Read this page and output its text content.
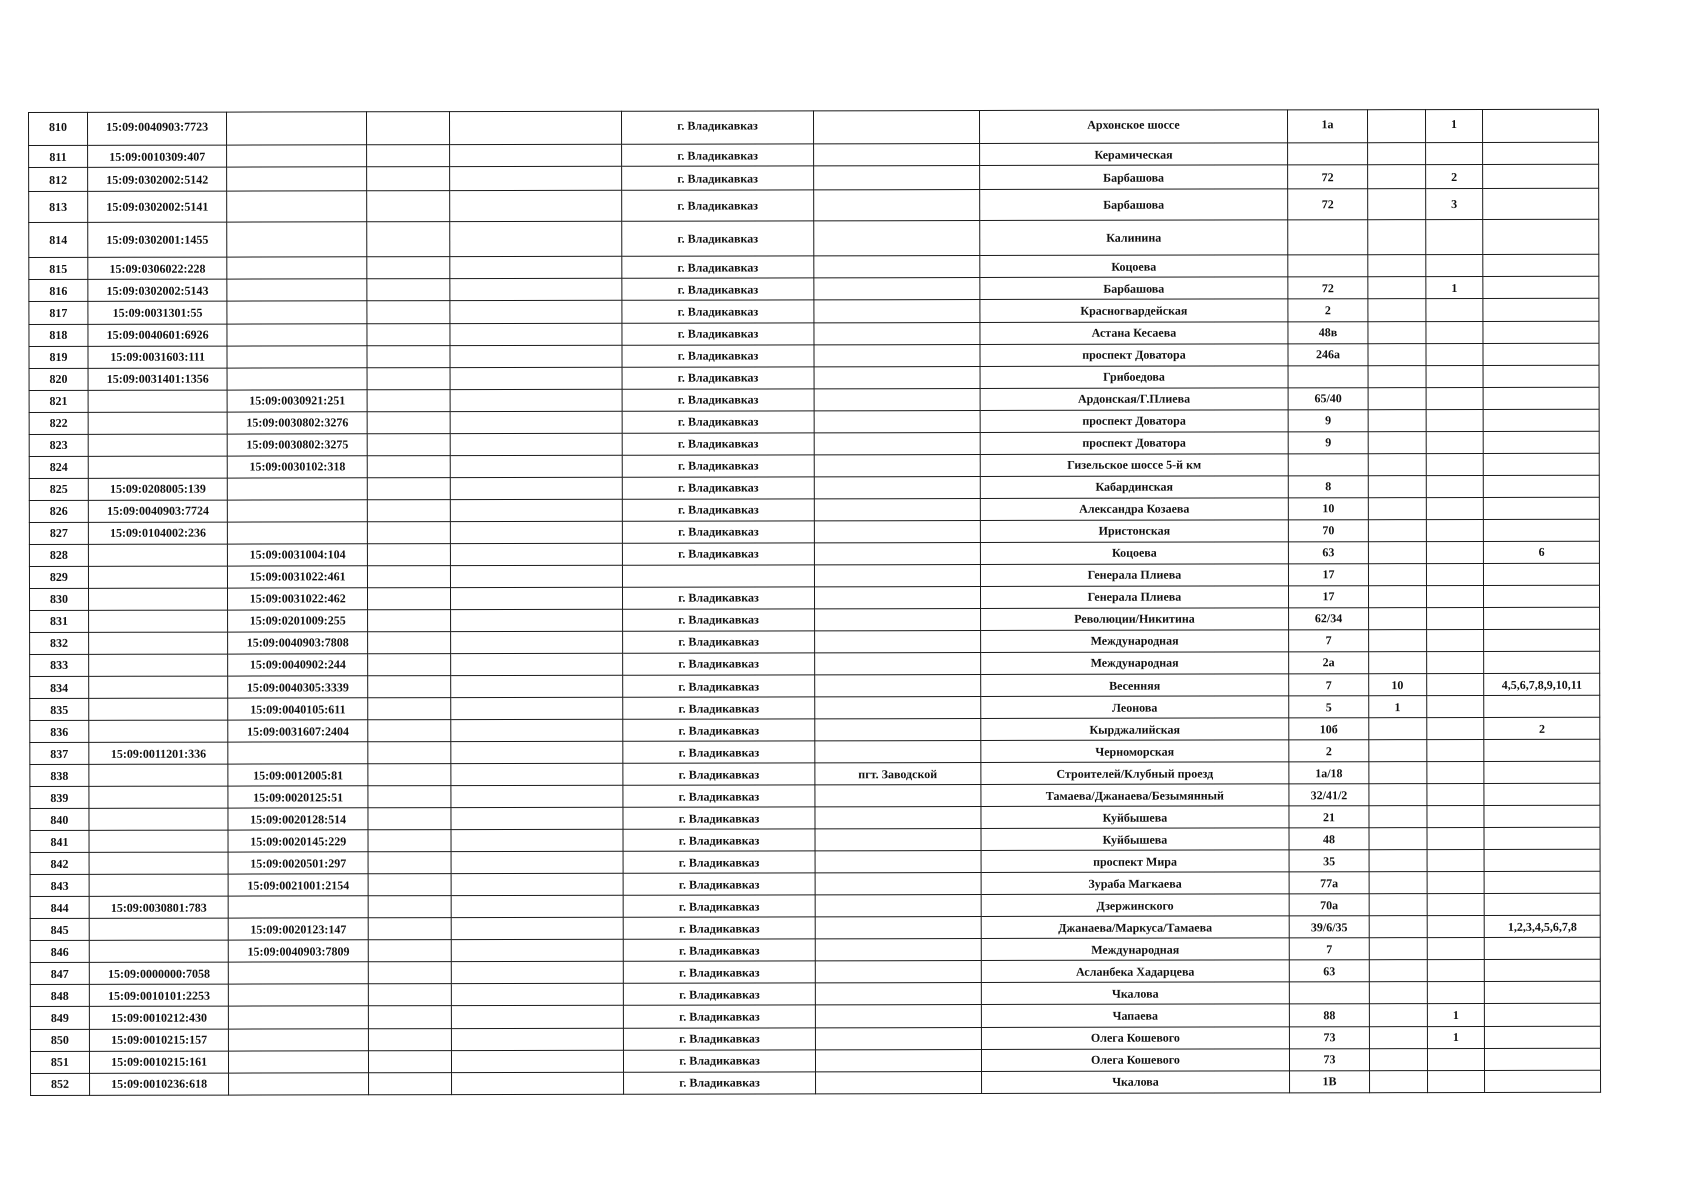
810	15:09:0040903:7723				г. Владикавказ		Архонское шоссе	1а		1	
811	15:09:0010309:407				г. Владикавказ		Керамическая				
812	15:09:0302002:5142				г. Владикавказ		Барбашова	72		2	
813	15:09:0302002:5141				г. Владикавказ		Барбашова	72		3	
814	15:09:0302001:1455				г. Владикавказ		Калинина				
815	15:09:0306022:228				г. Владикавказ		Коцоева				
816	15:09:0302002:5143				г. Владикавказ		Барбашова	72		1	
817	15:09:0031301:55				г. Владикавказ		Красногвардейская	2			
818	15:09:0040601:6926				г. Владикавказ		Астана Кесаева	48в			
819	15:09:0031603:111				г. Владикавказ		проспект Доватора	246а			
820	15:09:0031401:1356				г. Владикавказ		Грибоедова				
821		15:09:0030921:251			г. Владикавказ		Ардонская/Г.Плиева	65/40			
822		15:09:0030802:3276			г. Владикавказ		проспект Доватора	9			
823		15:09:0030802:3275			г. Владикавказ		проспект Доватора	9			
824		15:09:0030102:318			г. Владикавказ		Гизельское шоссе 5-й км				
825	15:09:0208005:139				г. Владикавказ		Кабардинская	8			
826	15:09:0040903:7724				г. Владикавказ		Александра Козаева	10			
827	15:09:0104002:236				г. Владикавказ		Иристонская	70			
828		15:09:0031004:104			г. Владикавказ		Коцоева	63			6
829		15:09:0031022:461					Генерала Плиева	17			
830		15:09:0031022:462			г. Владикавказ		Генерала Плиева	17			
831		15:09:0201009:255			г. Владикавказ		Революции/Никитина	62/34			
832		15:09:0040903:7808			г. Владикавказ		Международная	7			
833		15:09:0040902:244			г. Владикавказ		Международная	2а			
834		15:09:0040305:3339			г. Владикавказ		Весенняя	7	10		4,5,6,7,8,9,10,11
835		15:09:0040105:611			г. Владикавказ		Леонова	5	1		
836		15:09:0031607:2404			г. Владикавказ		Кырджалийская	10б			2
837	15:09:0011201:336				г. Владикавказ		Черноморская	2			
838		15:09:0012005:81			г. Владикавказ	пгт. Заводской	Строителей/Клубный проезд	1а/18			
839		15:09:0020125:51			г. Владикавказ		Тамаева/Джанаева/Безымянный	32/41/2			
840		15:09:0020128:514			г. Владикавказ		Куйбышева	21			
841		15:09:0020145:229			г. Владикавказ		Куйбышева	48			
842		15:09:0020501:297			г. Владикавказ		проспект Мира	35			
843		15:09:0021001:2154			г. Владикавказ		Зураба Магкаева	77а			
844	15:09:0030801:783				г. Владикавказ		Дзержинского	70а			
845		15:09:0020123:147			г. Владикавказ		Джанаева/Маркуса/Тамаева	39/6/35			1,2,3,4,5,6,7,8
846		15:09:0040903:7809			г. Владикавказ		Международная	7			
847	15:09:0000000:7058				г. Владикавказ		Асланбека Хадарцева	63			
848	15:09:0010101:2253				г. Владикавказ		Чкалова				
849	15:09:0010212:430				г. Владикавказ		Чапаева	88		1	
850	15:09:0010215:157				г. Владикавказ		Олега Кошевого	73		1	
851	15:09:0010215:161				г. Владикавказ		Олега Кошевого	73			
852	15:09:0010236:618				г. Владикавказ		Чкалова	1В			
